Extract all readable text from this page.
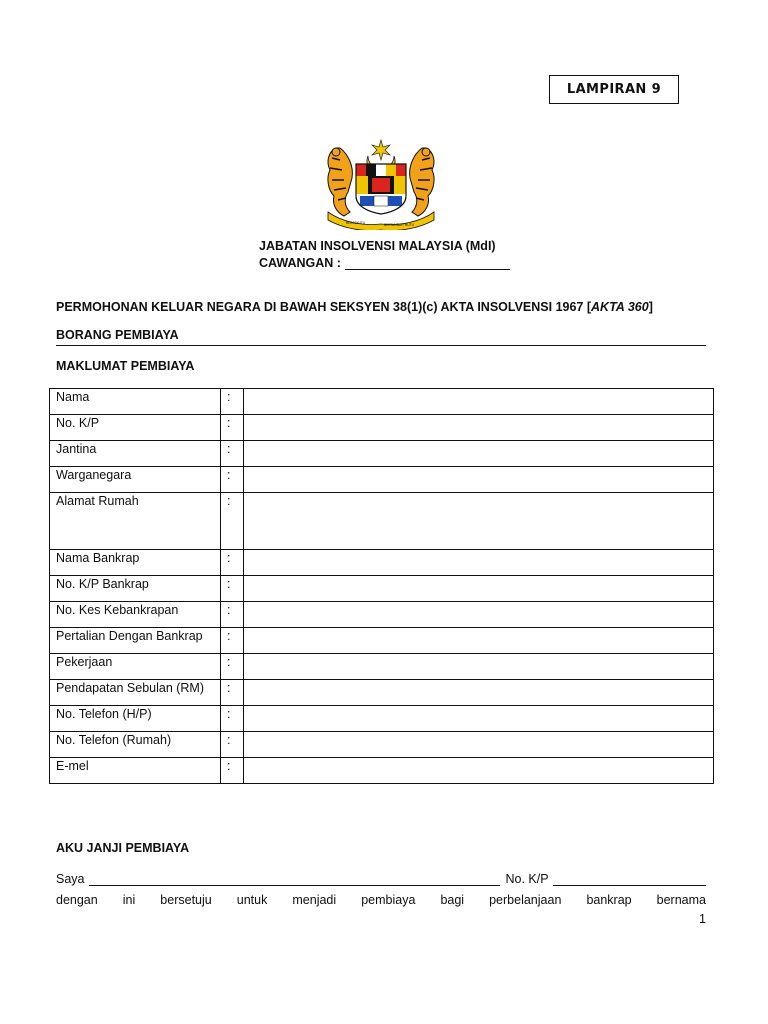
LAMPIRAN 9
BERSEKUTU	BERTAMBAH MUTU
JABATAN INSOLVENSI MALAYSIA (MdI)
CAWANGAN :
PERMOHONAN KELUAR NEGARA DI BAWAH SEKSYEN 38(1)(c) AKTA INSOLVENSI 1967 [AKTA 360]
BORANG PEMBIAYA
MAKLUMAT PEMBIAYA
Nama	:	
No. K/P	:	
Jantina	:	
Warganegara	:	
Alamat Rumah	:	
Nama Bankrap	:	
No. K/P Bankrap	:	
No. Kes Kebankrapan	:	
Pertalian Dengan Bankrap	:	
Pekerjaan	:	
Pendapatan Sebulan (RM)	:	
No. Telefon (H/P)	:	
No. Telefon (Rumah)	:	
E-mel	:	
AKU JANJI PEMBIAYA
Saya	No. K/P
dengan ini bersetuju untuk menjadi pembiaya bagi perbelanjaan bankrap bernama
1
